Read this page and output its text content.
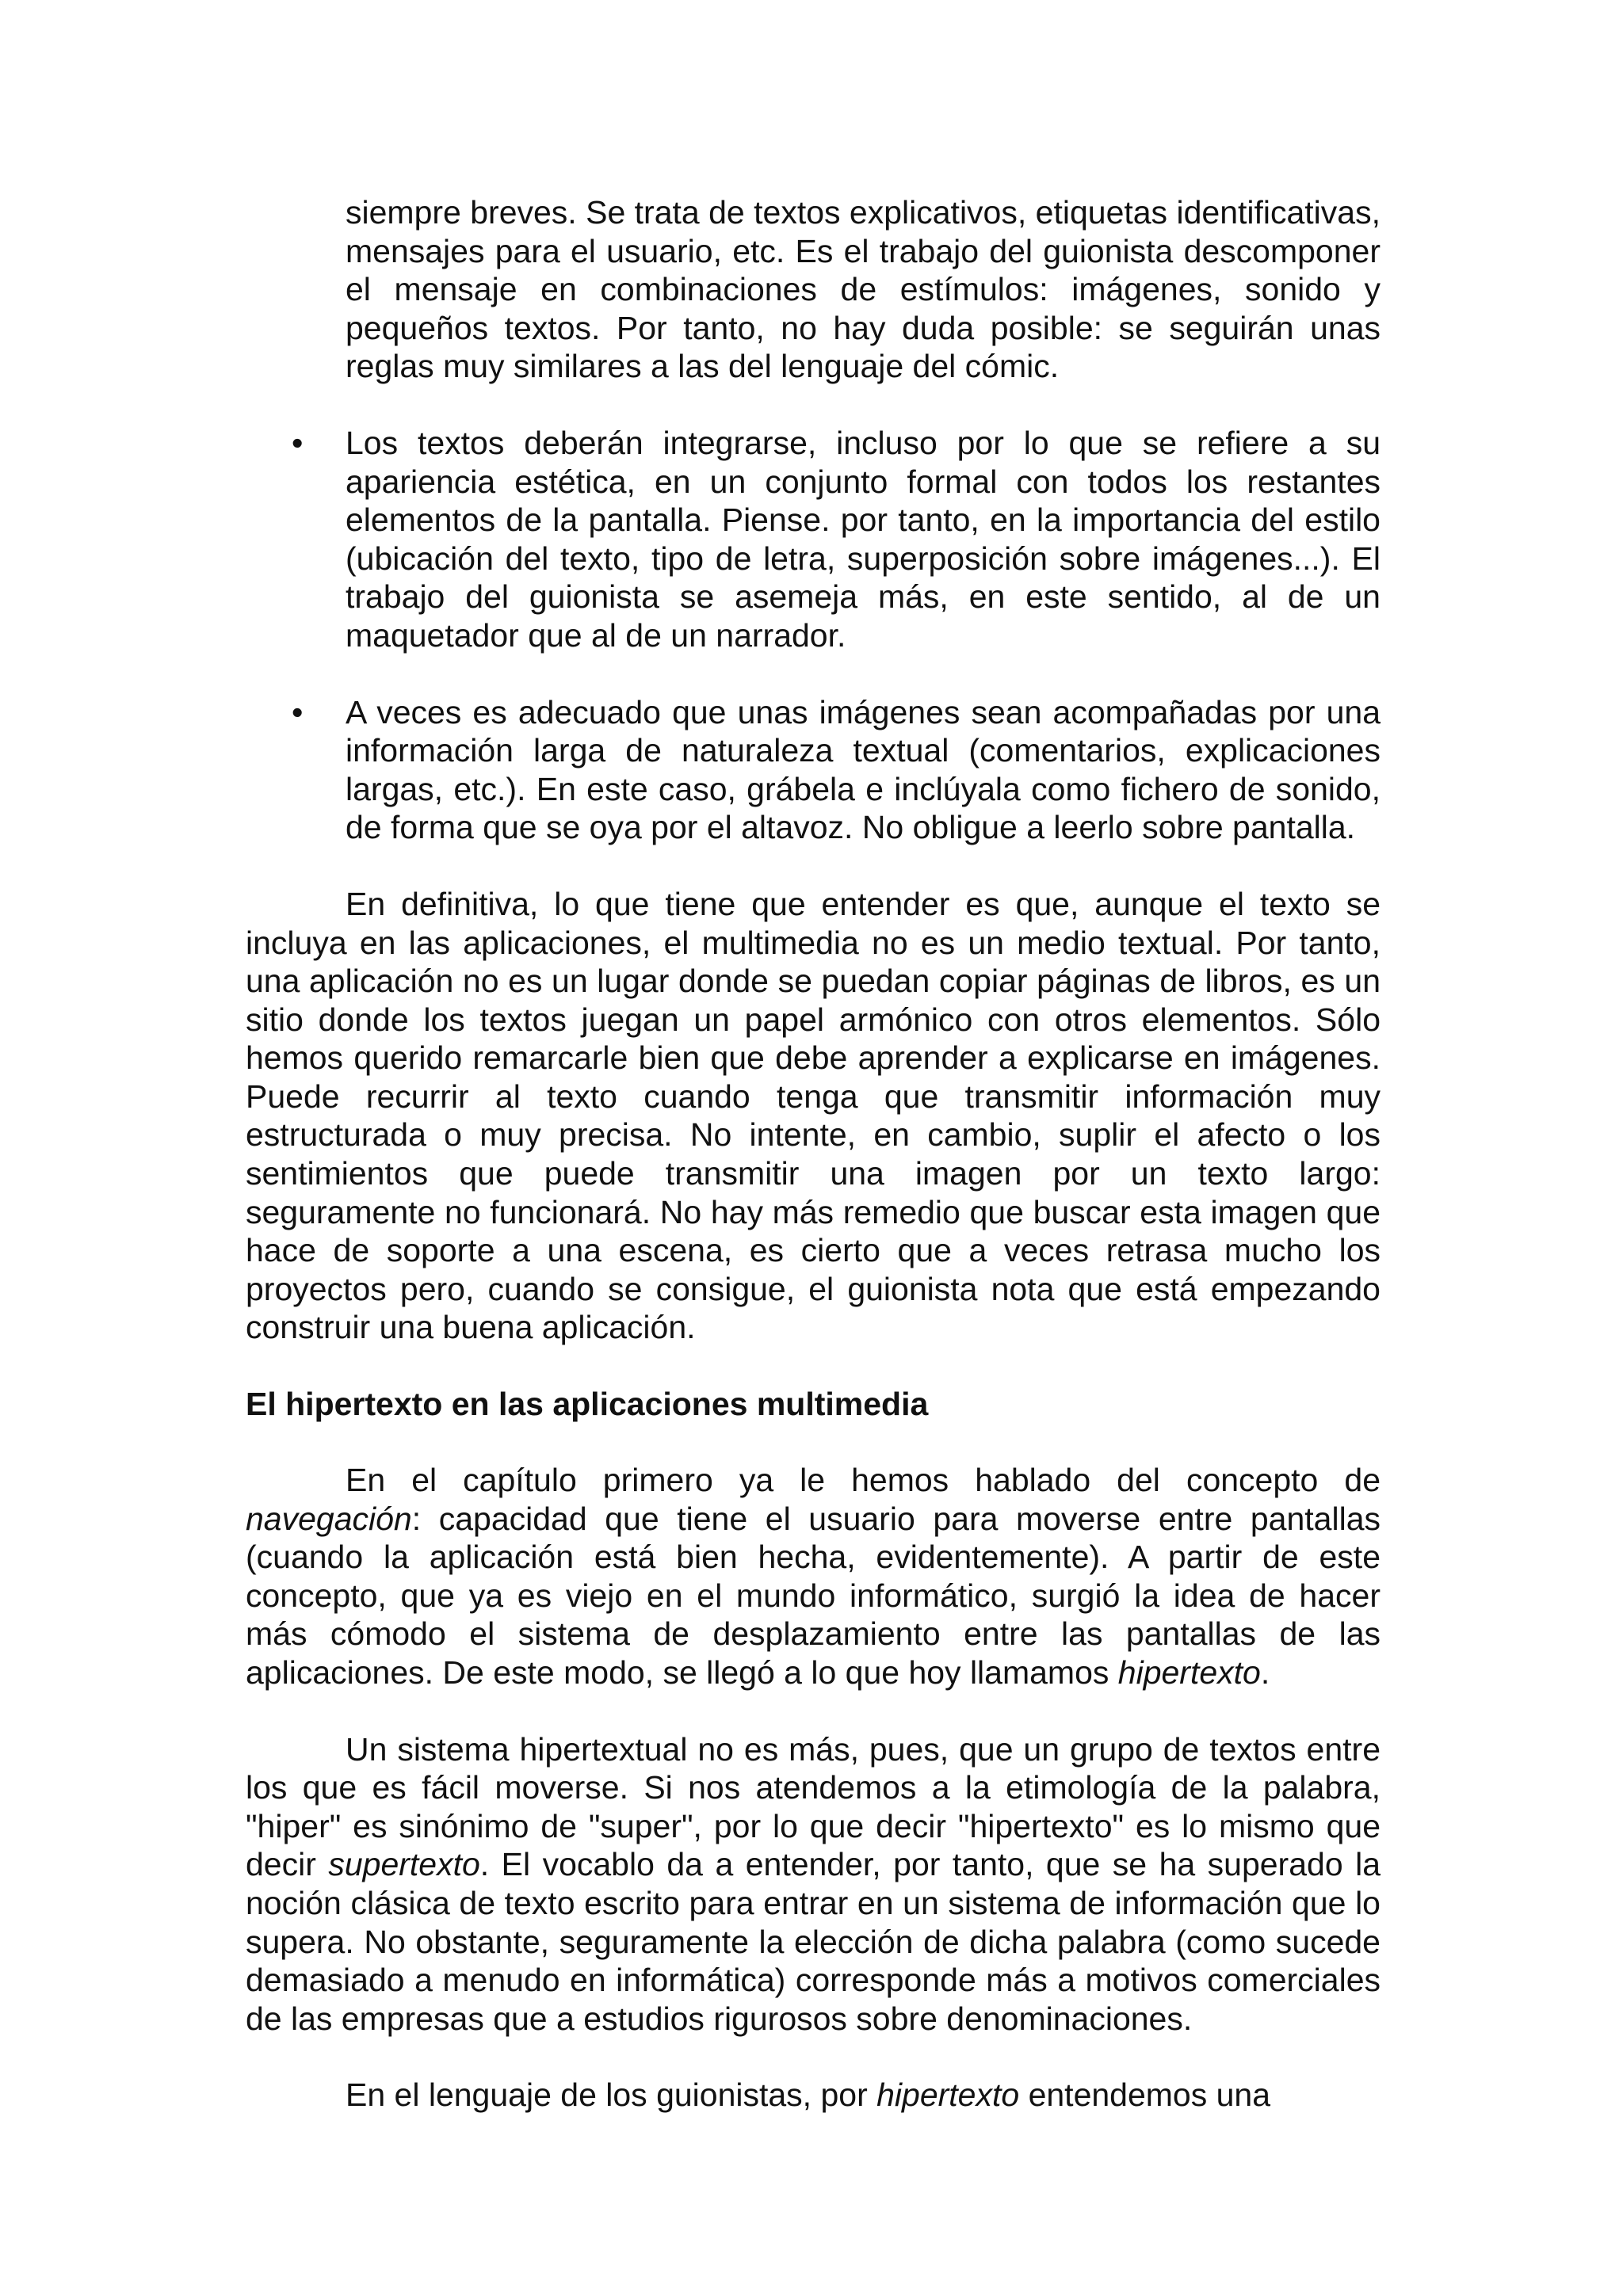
siempre breves. Se trata de textos explicativos, etiquetas identificativas, mensajes para el usuario, etc. Es el trabajo del guionista descomponer el mensaje en combinaciones de estímulos: imágenes, sonido y pequeños textos. Por tanto, no hay duda posible: se seguirán unas reglas muy similares a las del lenguaje del cómic.

• Los textos deberán integrarse, incluso por lo que se refiere a su apariencia estética, en un conjunto formal con todos los restantes elementos de la pantalla. Piense. por tanto, en la importancia del estilo (ubicación del texto, tipo de letra, superposición sobre imágenes...). El trabajo del guionista se asemeja más, en este sentido, al de un maquetador que al de un narrador.
• A veces es adecuado que unas imágenes sean acompañadas por una información larga de naturaleza textual (comentarios, explicaciones largas, etc.). En este caso, grábela e inclúyala como fichero de sonido, de forma que se oya por el altavoz. No obligue a leerlo sobre pantalla.

En definitiva, lo que tiene que entender es que, aunque el texto se incluya en las aplicaciones, el multimedia no es un medio textual. Por tanto, una aplicación no es un lugar donde se puedan copiar páginas de libros, es un sitio donde los textos juegan un papel armónico con otros elementos. Sólo hemos querido remarcarle bien que debe aprender a explicarse en imágenes. Puede recurrir al texto cuando tenga que transmitir información muy estructurada o muy precisa. No intente, en cambio, suplir el afecto o los sentimientos que puede transmitir una imagen por un texto largo: seguramente no funcionará. No hay más remedio que buscar esta imagen que hace de soporte a una escena, es cierto que a veces retrasa mucho los proyectos pero, cuando se consigue, el guionista nota que está empezando construir una buena aplicación.

El hipertexto en las aplicaciones multimedia

En el capítulo primero ya le hemos hablado del concepto de navegación: capacidad que tiene el usuario para moverse entre pantallas (cuando la aplicación está bien hecha, evidentemente). A partir de este concepto, que ya es viejo en el mundo informático, surgió la idea de hacer más cómodo el sistema de desplazamiento entre las pantallas de las aplicaciones. De este modo, se llegó a lo que hoy llamamos hipertexto.

Un sistema hipertextual no es más, pues, que un grupo de textos entre los que es fácil moverse. Si nos atendemos a la etimología de la palabra, "hiper" es sinónimo de "super", por lo que decir "hipertexto" es lo mismo que decir supertexto. El vocablo da a entender, por tanto, que se ha superado la noción clásica de texto escrito para entrar en un sistema de información que lo supera. No obstante, seguramente la elección de dicha palabra (como sucede demasiado a menudo en informática) corresponde más a motivos comerciales de las empresas que a estudios rigurosos sobre denominaciones.

En el lenguaje de los guionistas, por hipertexto entendemos una
